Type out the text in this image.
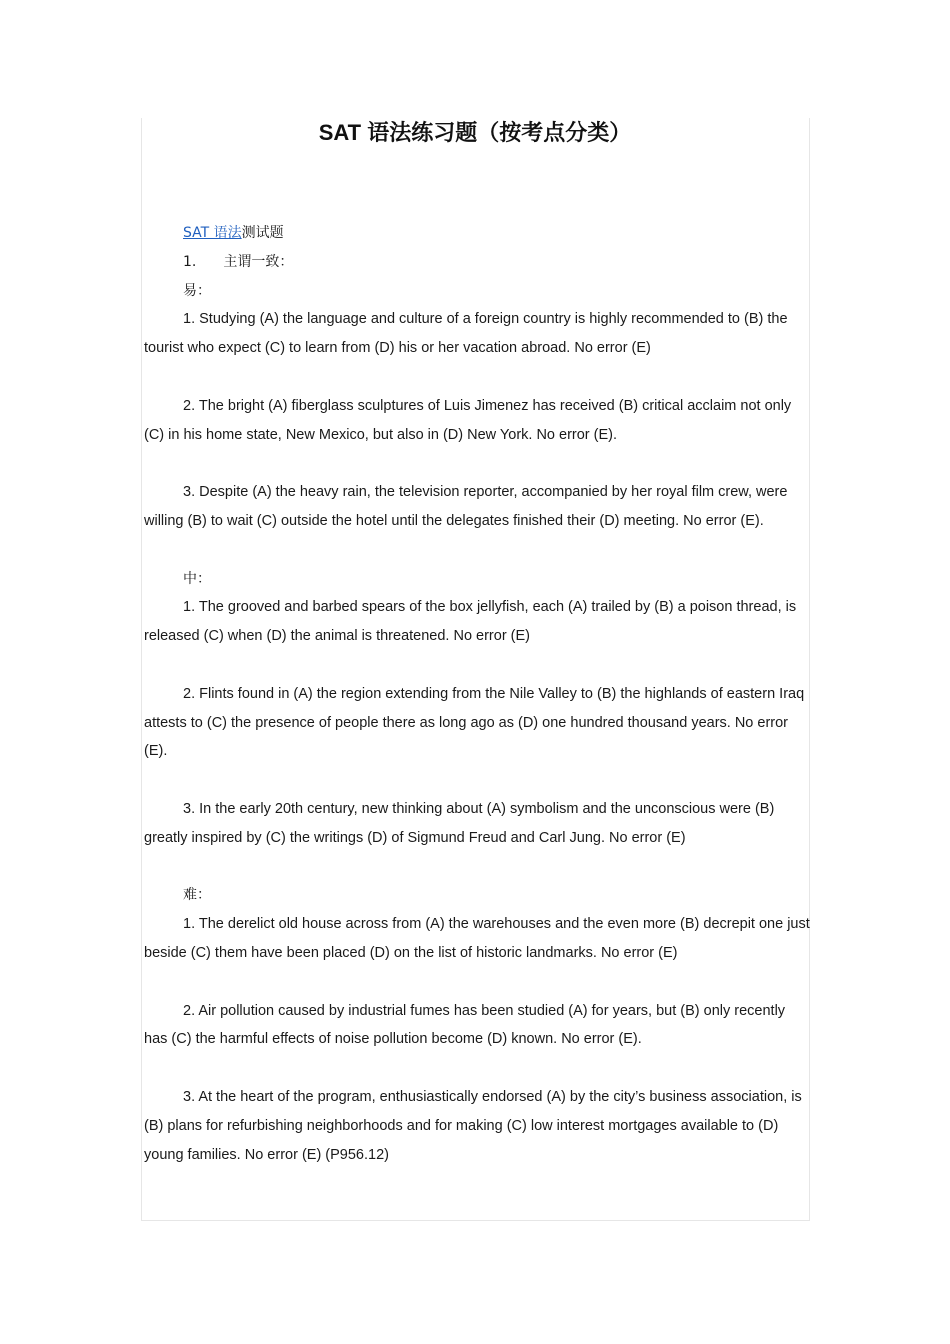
SAT 语法练习题（按考点分类）
SAT 语法测试题
1. 主谓一致：
易：
1. Studying (A) the language and culture of a foreign country is highly recommended to (B) the tourist who expect (C) to learn from (D) his or her vacation abroad. No error (E)
2. The bright (A) fiberglass sculptures of Luis Jimenez has received (B) critical acclaim not only (C) in his home state, New Mexico, but also in (D) New York. No error (E).
3. Despite (A) the heavy rain, the television reporter, accompanied by her royal film crew, were willing (B) to wait (C) outside the hotel until the delegates finished their (D) meeting. No error (E).
中：
1. The grooved and barbed spears of the box jellyfish, each (A) trailed by (B) a poison thread, is released (C) when (D) the animal is threatened. No error (E)
2. Flints found in (A) the region extending from the Nile Valley to (B) the highlands of eastern Iraq attests to (C) the presence of people there as long ago as (D) one hundred thousand years. No error (E).
3. In the early 20th century, new thinking about (A) symbolism and the unconscious were (B) greatly inspired by (C) the writings (D) of Sigmund Freud and Carl Jung. No error (E)
难：
1. The derelict old house across from (A) the warehouses and the even more (B) decrepit one just beside (C) them have been placed (D) on the list of historic landmarks. No error (E)
2. Air pollution caused by industrial fumes has been studied (A) for years, but (B) only recently has (C) the harmful effects of noise pollution become (D) known. No error (E).
3. At the heart of the program, enthusiastically endorsed (A) by the city’s business association, is (B) plans for refurbishing neighborhoods and for making (C) low interest mortgages available to (D) young families. No error (E) (P956.12)
